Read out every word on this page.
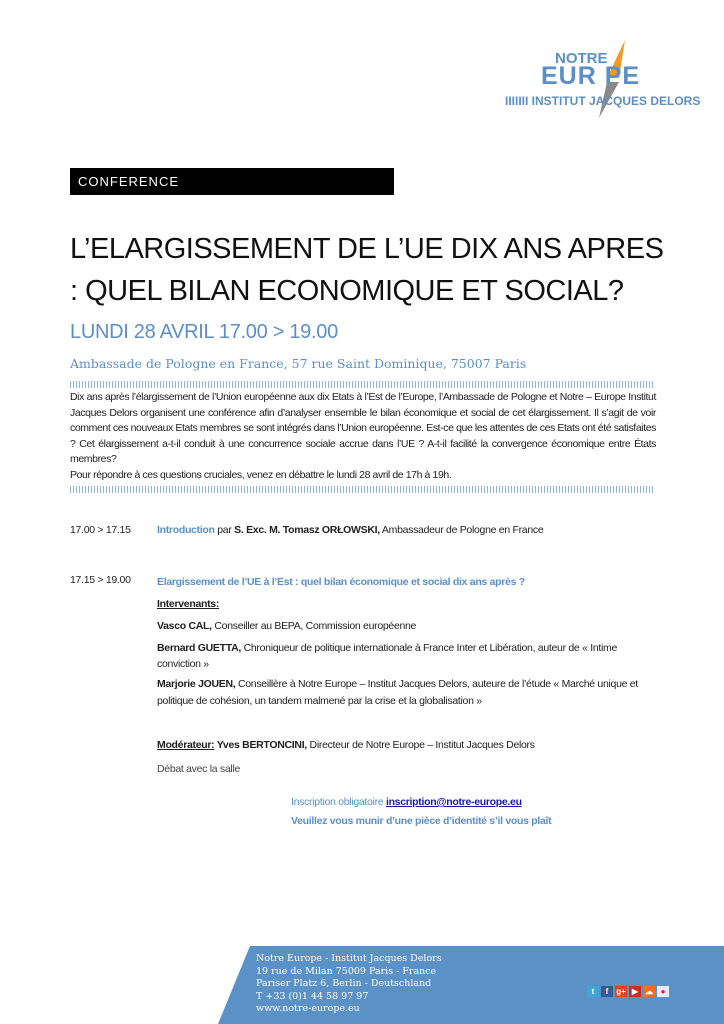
NOTRE
EUR PE
IIIIIII INSTITUT JACQUES DELORS
CONFERENCE
L’ELARGISSEMENT DE L’UE DIX ANS APRES : QUEL BILAN ECONOMIQUE ET SOCIAL?
LUNDI 28 AVRIL 17.00 > 19.00
Ambassade de Pologne en France, 57 rue Saint Dominique, 75007 Paris
Dix ans après l’élargissement de l’Union européenne aux dix Etats à l’Est de l’Europe, l’Ambassade de Pologne et Notre – Europe Institut Jacques Delors organisent une conférence afin d’analyser ensemble le bilan économique et social de cet élargissement. Il s’agit de voir comment ces nouveaux Etats membres se sont intégrés dans l’Union européenne. Est-ce que les attentes de ces Etats ont été satisfaites ? Cet élargissement a-t-il conduit à une concurrence sociale accrue dans l’UE ? A-t-il facilité la convergence économique entre États membres?
Pour répondre à ces questions cruciales, venez en débattre le lundi 28 avril de 17h à 19h.
17.00 > 17.15	Introduction par S. Exc. M. Tomasz ORŁOWSKI, Ambassadeur de Pologne en France
17.15 > 19.00	Elargissement de l’UE à l’Est : quel bilan économique et social dix ans après ?
Intervenants:
Vasco CAL, Conseiller au BEPA, Commission européenne
Bernard GUETTA, Chroniqueur de politique internationale à France Inter et Libération, auteur de « Intime conviction »
Marjorie JOUEN, Conseillère à Notre Europe – Institut Jacques Delors, auteure de l’étude « Marché unique et politique de cohésion, un tandem malmené par la crise et la globalisation »
Modérateur: Yves BERTONCINI, Directeur de Notre Europe – Institut Jacques Delors
Débat avec la salle
Inscription obligatoire inscription@notre-europe.eu
Veuillez vous munir d’une pièce d’identité s’il vous plaît
Notre Europe - Institut Jacques Delors
19 rue de Milan 75009 Paris - France
Pariser Platz 6, Berlin - Deutschland
T +33 (0)1 44 58 97 97
www.notre-europe.eu
t	f g+ ▶ ☁ ●
